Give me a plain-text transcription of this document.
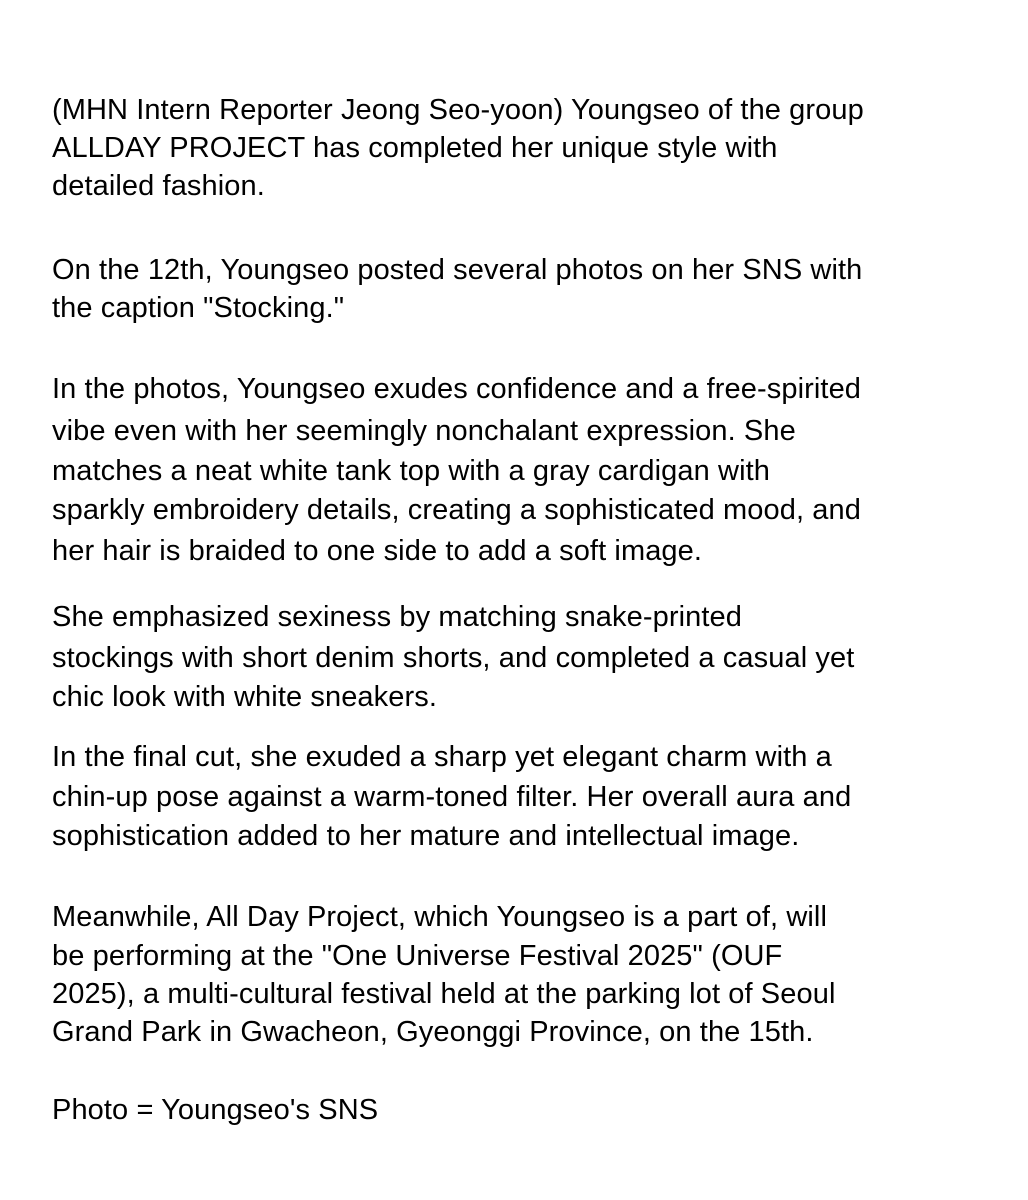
(MHN Intern Reporter Jeong Seo-yoon) Youngseo of the group

ALLDAY PROJECT has completed her unique style with

detailed fashion.

On the 12th, Youngseo posted several photos on her SNS with

the caption "Stocking."

In the photos, Youngseo exudes confidence and a free-spirited

vibe even with her seemingly nonchalant expression. She

matches a neat white tank top with a gray cardigan with

sparkly embroidery details, creating a sophisticated mood, and

her hair is braided to one side to add a soft image.

She emphasized sexiness by matching snake-printed

stockings with short denim shorts, and completed a casual yet

chic look with white sneakers.

In the final cut, she exuded a sharp yet elegant charm with a

chin-up pose against a warm-toned filter. Her overall aura and

sophistication added to her mature and intellectual image.

Meanwhile, All Day Project, which Youngseo is a part of, will

be performing at the "One Universe Festival 2025" (OUF

2025), a multi-cultural festival held at the parking lot of Seoul

Grand Park in Gwacheon, Gyeonggi Province, on the 15th.

Photo = Youngseo's SNS
